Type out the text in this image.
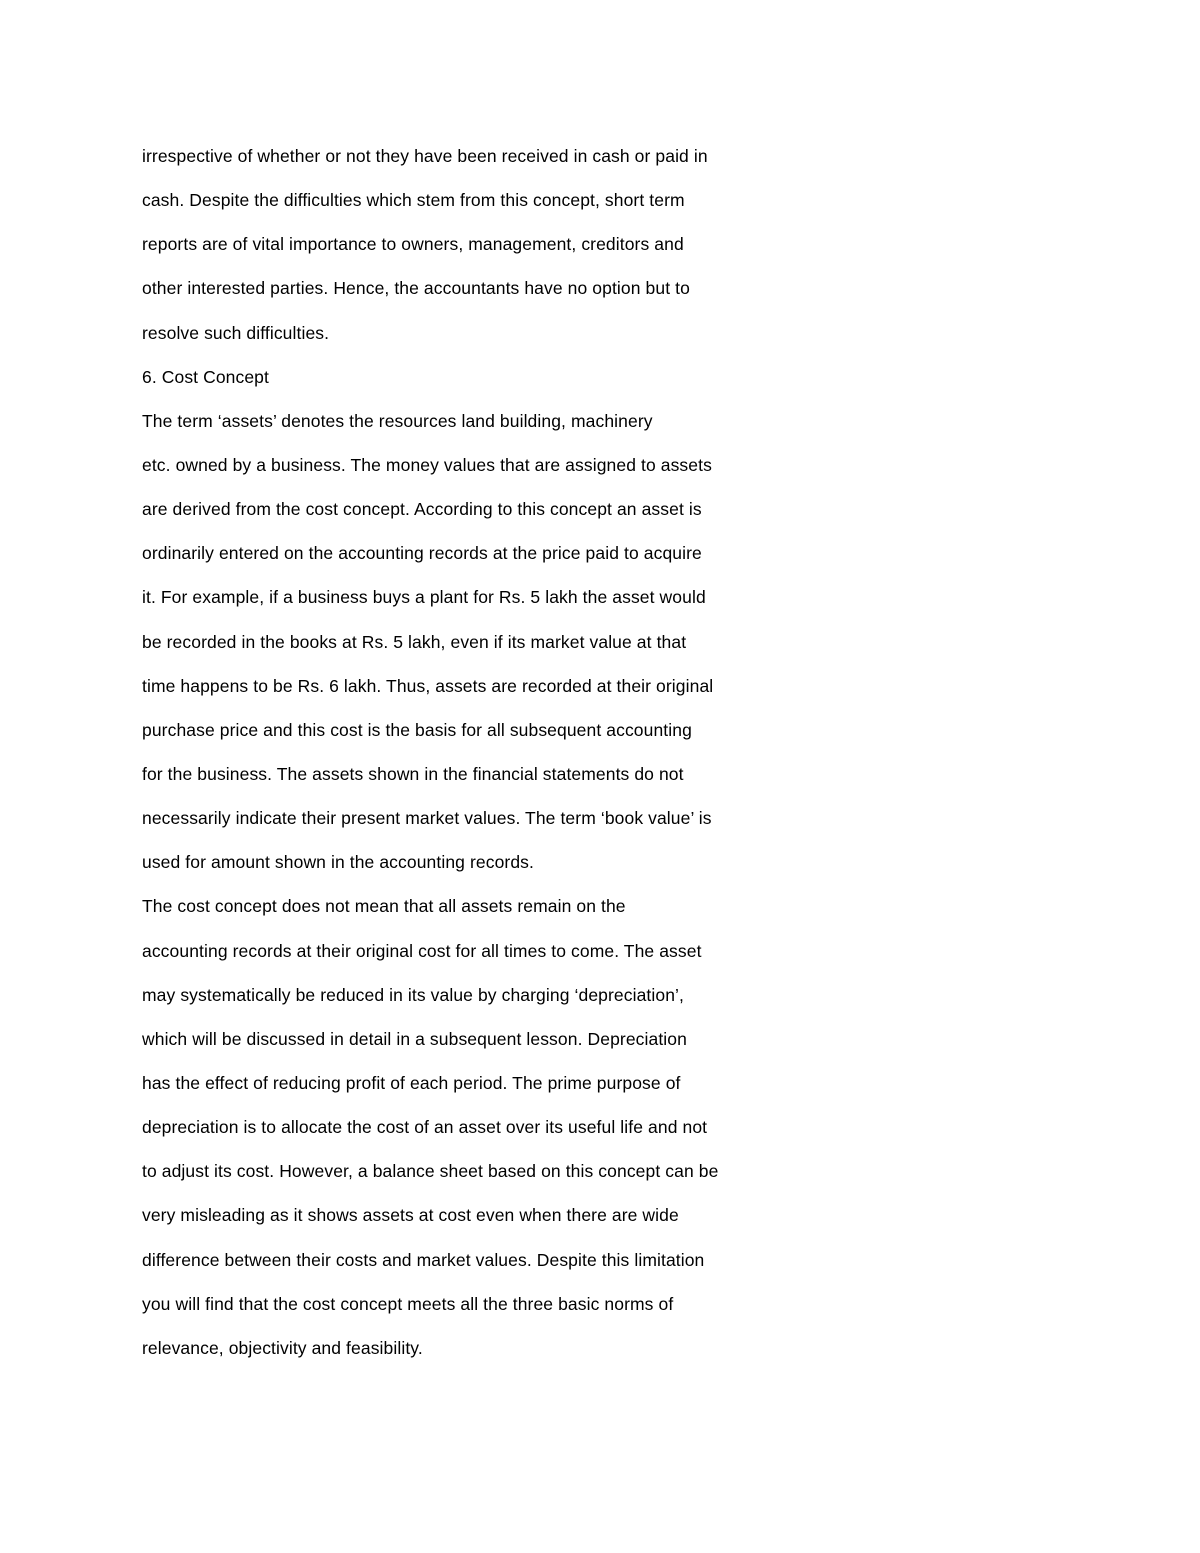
irrespective of whether or not they have been received in cash or paid in
cash. Despite the difficulties which stem from this concept, short term
reports are of vital importance to owners, management, creditors and
other interested parties. Hence, the accountants have no option but to
resolve such difficulties.
6. Cost Concept
The term ‘assets’ denotes the resources land building, machinery
etc. owned by a business. The money values that are assigned to assets
are derived from the cost concept. According to this concept an asset is
ordinarily entered on the accounting records at the price paid to acquire
it. For example, if a business buys a plant for Rs. 5 lakh the asset would
be recorded in the books at Rs. 5 lakh, even if its market value at that
time happens to be Rs. 6 lakh. Thus, assets are recorded at their original
purchase price and this cost is the basis for all subsequent accounting
for the business. The assets shown in the financial statements do not
necessarily indicate their present market values. The term ‘book value’ is
used for amount shown in the accounting records.
The cost concept does not mean that all assets remain on the
accounting records at their original cost for all times to come. The asset
may systematically be reduced in its value by charging ‘depreciation’,
which will be discussed in detail in a subsequent lesson. Depreciation
has the effect of reducing profit of each period. The prime purpose of
depreciation is to allocate the cost of an asset over its useful life and not
to adjust its cost. However, a balance sheet based on this concept can be
very misleading as it shows assets at cost even when there are wide
difference between their costs and market values. Despite this limitation
you will find that the cost concept meets all the three basic norms of
relevance, objectivity and feasibility.
